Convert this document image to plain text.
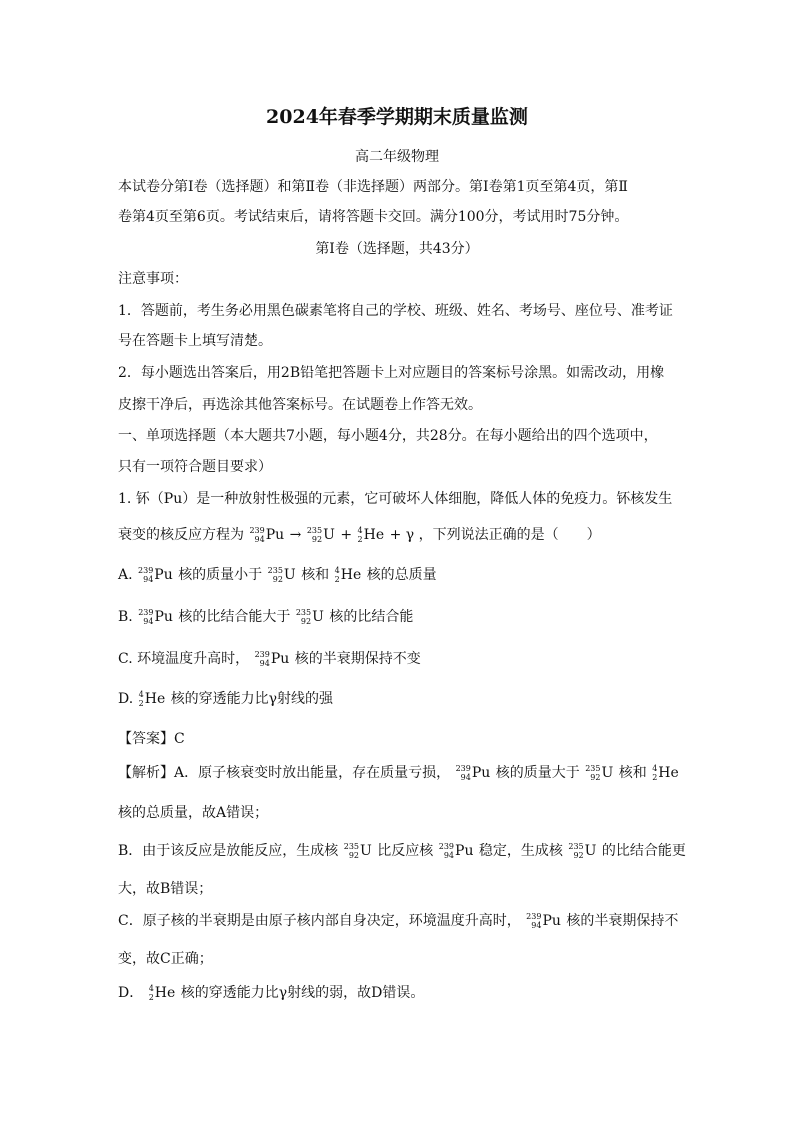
2024年春季学期期末质量监测
高二年级物理
本试卷分第Ⅰ卷（选择题）和第Ⅱ卷（非选择题）两部分。第Ⅰ卷第1页至第4页，第Ⅱ
卷第4页至第6页。考试结束后，请将答题卡交回。满分100分，考试用时75分钟。
第Ⅰ卷（选择题，共43分）
注意事项：
1．答题前，考生务必用黑色碳素笔将自己的学校、班级、姓名、考场号、座位号、准考证
号在答题卡上填写清楚。
2．每小题选出答案后，用2B铅笔把答题卡上对应题目的答案标号涂黑。如需改动，用橡
皮擦干净后，再选涂其他答案标号。在试题卷上作答无效。
一、单项选择题（本大题共7小题，每小题4分，共28分。在每小题给出的四个选项中，
只有一项符合题目要求）
1. 钚（Pu）是一种放射性极强的元素，它可破坏人体细胞，降低人体的免疫力。钚核发生
衰变的核反应方程为 239
94 Pu → 235
92 U + 4
2 He + γ ，下列说法正确的是（　　）
A. 239
94 Pu 核的质量小于 235
92 U 核和 4
2 He 核的总质量
B. 239
94 Pu 核的比结合能大于 235
92 U 核的比结合能
C. 环境温度升高时， 239
94 Pu 核的半衰期保持不变
D. 4
2 He 核的穿透能力比γ射线的强
【答案】C
【解析】A．原子核衰变时放出能量，存在质量亏损， 239
94 Pu 核的质量大于 235
92 U 核和 4
2 He
核的总质量，故A错误；
B．由于该反应是放能反应，生成核 235
92 U 比反应核 239
94 Pu 稳定，生成核 235
92 U 的比结合能更
大，故B错误；
C．原子核的半衰期是由原子核内部自身决定，环境温度升高时， 239
94 Pu 核的半衰期保持不
变，故C正确；
D． 4
2 He 核的穿透能力比γ射线的弱，故D错误。
